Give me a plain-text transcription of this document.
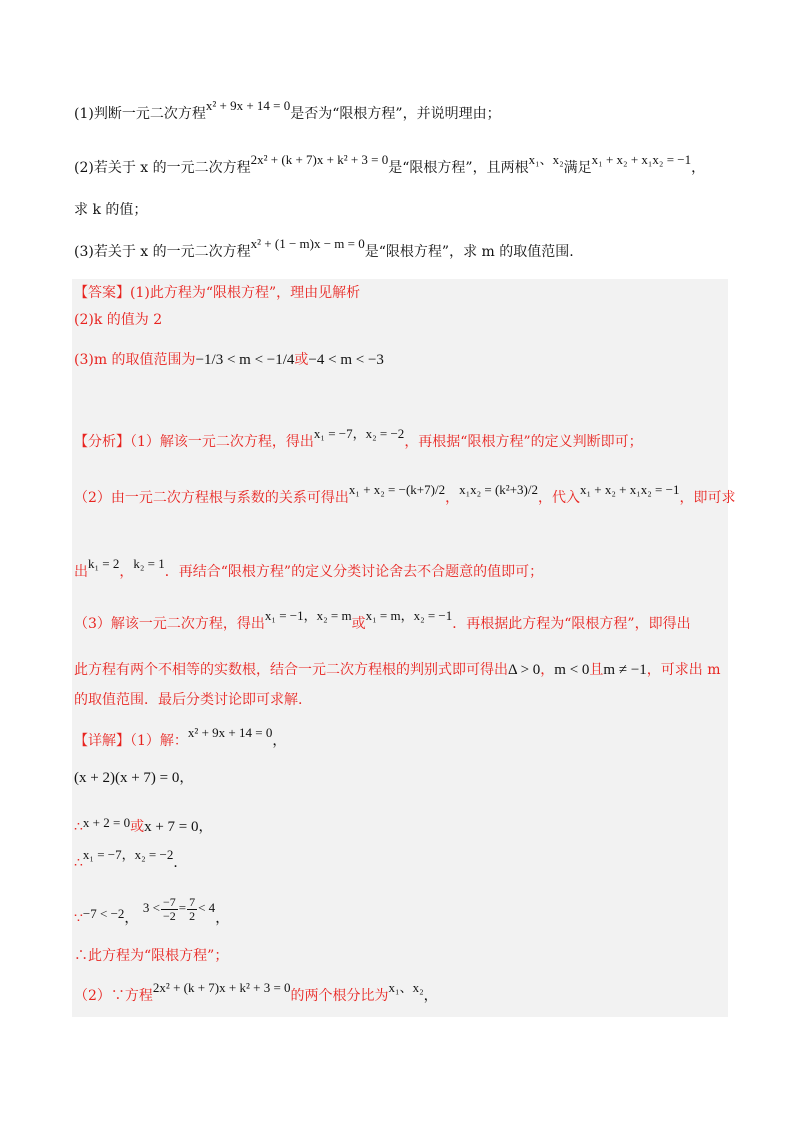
(1)判断一元二次方程x² + 9x + 14 = 0是否为“限根方程”，并说明理由；
(2)若关于 x 的一元二次方程2x² + (k + 7)x + k² + 3 = 0是“限根方程”，且两根x₁、x₂满足x₁ + x₂ + x₁x₂ = −1，
求 k 的值；
(3)若关于 x 的一元二次方程x² + (1 − m)x − m = 0是“限根方程”，求 m 的取值范围.
【答案】(1)此方程为“限根方程”，理由见解析
(2)k 的值为 2
(3)m 的取值范围为−1/3 < m < −1/4或−4 < m < −3
【分析】（1）解该一元二次方程，得出x₁ = −7，x₂ = −2，再根据“限根方程”的定义判断即可；
（2）由一元二次方程根与系数的关系可得出x₁ + x₂ = −(k+7)/2，x₁x₂ = (k²+3)/2，代入x₁ + x₂ + x₁x₂ = −1，即可求
出k₁ = 2，k₂ = 1．再结合“限根方程”的定义分类讨论舍去不合题意的值即可；
（3）解该一元二次方程，得出x₁ = −1，x₂ = m或x₁ = m，x₂ = −1．再根据此方程为“限根方程”，即得出
此方程有两个不相等的实数根，结合一元二次方程根的判别式即可得出Δ > 0，m < 0且m ≠ −1，可求出 m
的取值范围．最后分类讨论即可求解.
【详解】（1）解：x² + 9x + 14 = 0，
(x + 2)(x + 7) = 0，
∴x + 2 = 0或x + 7 = 0，
∴x₁ = −7，x₂ = −2．
∵−7 < −2， $3 < \frac{-7}{-2} = \frac{7}{2} < 4$，
∴此方程为“限根方程”；
（2）∵方程2x² + (k + 7)x + k² + 3 = 0的两个根分比为x₁、x₂，
